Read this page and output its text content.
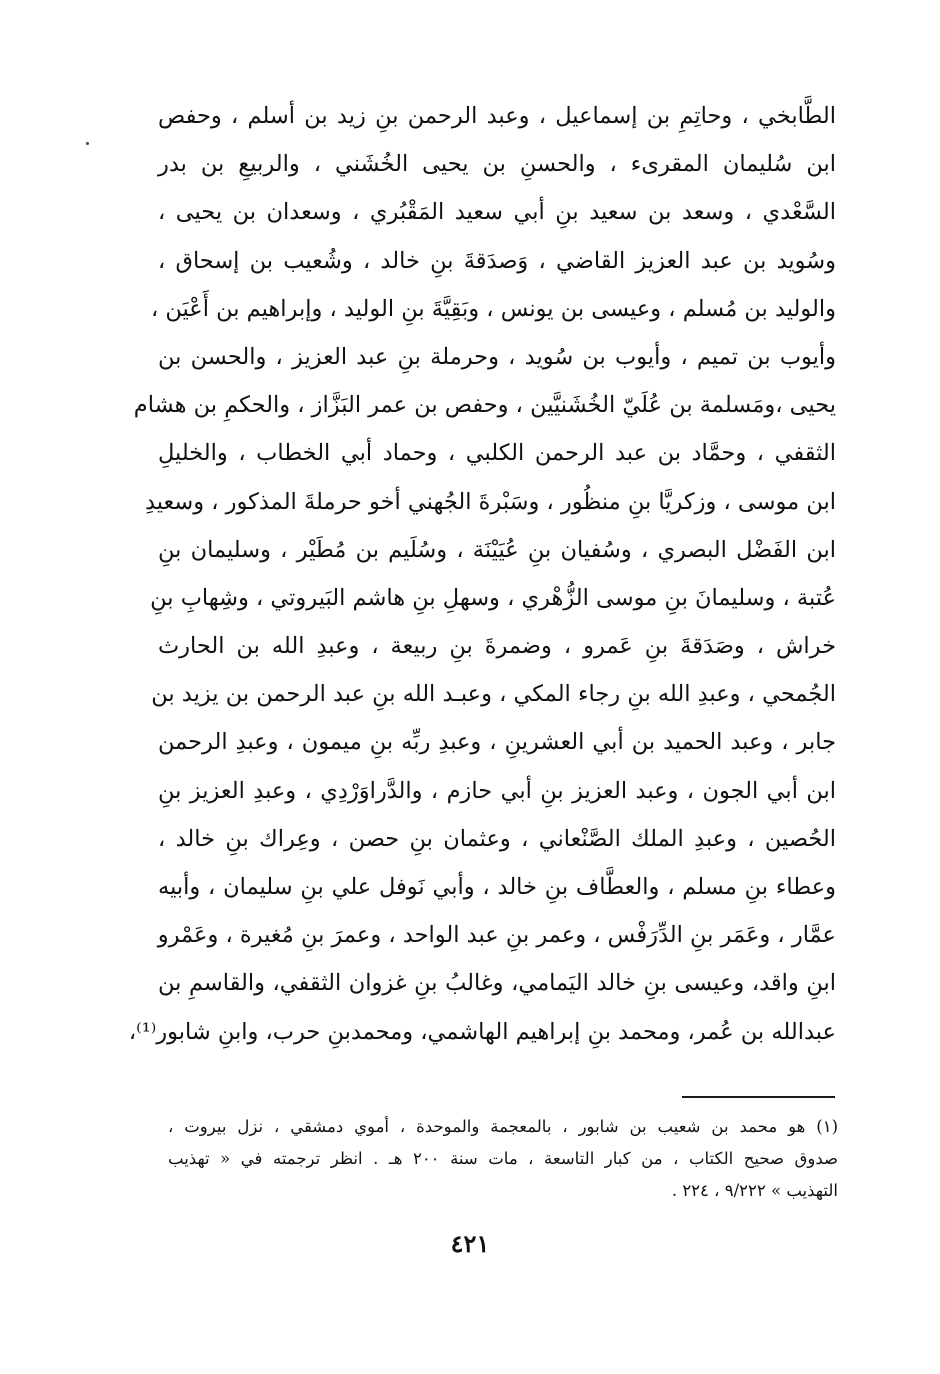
الطَّابخي ، وحاتِمِ بن إسماعيل ، وعبد الرحمن بنِ زيد بن أسلم ، وحفص
ابن سُليمان المقرىء ، والحسنِ بن يحيى الخُشَني ، والربيعِ بن بدر
السَّعْدي ، وسعد بن سعيد بنِ أبي سعيد المَقْبُري ، وسعدان بن يحيى ،
وسُويد بن عبد العزيز القاضي ، وَصدَقةَ بنِ خالد ، وشُعيب بن إسحاق ،
والوليد بن مُسلم ، وعيسى بن يونس ، وبَقِيَّةَ بنِ الوليد ، وإبراهيم بن أَعْيَن ،
وأيوب بن تميم ، وأيوب بن سُويد ، وحرملة بنِ عبد العزيز ، والحسن بن
يحيى ،ومَسلمة بن عُلَيّ الخُشَنيَّين ، وحفص بن عمر البَزَّاز ، والحكمِ بن هشام
الثقفي ، وحمَّاد بن عبد الرحمن الكلبي ، وحماد أبي الخطاب ، والخليلِ
ابن موسى ، وزكريَّا بنِ منظُور ، وسَبْرةَ الجُهني أخو حرملةَ المذكور ، وسعيدِ
ابن الفَضْل البصري ، وسُفيان بنِ عُيَيْنَة ، وسُلَيم بن مُطَيْر ، وسليمان بنِ
عُتبة ، وسليمانَ بنِ موسى الزُّهْري ، وسهلِ بنِ هاشم البَيروتي ، وشِهابِ بنِ
خراش ، وصَدَقةَ بنِ عَمرو ، وضمرةَ بنِ ربيعة ، وعبدِ الله بن الحارث
الجُمحي ، وعبدِ الله بنِ رجاء المكي ، وعبـد الله بنِ عبد الرحمن بن يزيد بن
جابر ، وعبد الحميد بن أبي العشرينِ ، وعبدِ ربِّه بنِ ميمون ، وعبدِ الرحمن
ابن أبي الجون ، وعبد العزيز بنِ أبي حازم ، والدَّراوَرْدِي ، وعبدِ العزيز بنِ
الحُصين ، وعبدِ الملك الصَّنْعاني ، وعثمان بنِ حصن ، وعِراك بنِ خالد ،
وعطاء بنِ مسلم ، والعطَّاف بنِ خالد ، وأبي نَوفل علي بنِ سليمان ، وأبيه
عمَّار ، وعَمَر بنِ الدِّرَفْس ، وعمر بنِ عبد الواحد ، وعمرَ بنِ مُغيرة ، وعَمْرو
ابنِ واقد، وعيسى بنِ خالد اليَمامي، وغالبُ بنِ غزوان الثقفي، والقاسمِ بن
عبدالله بن عُمر، ومحمد بنِ إبراهيم الهاشمي، ومحمدبنِ حرب، وابنِ شابور⁽¹⁾،
(١) هو محمد بن شعيب بن شابور ، بالمعجمة والموحدة ، أموي دمشقي ، نزل بيروت ،
صدوق صحيح الكتاب ، من كبار التاسعة ، مات سنة ٢٠٠ هـ . انظر ترجمته في « تهذيب
التهذيب » ٩/٢٢٢ ، ٢٢٤ .
٤٢١
